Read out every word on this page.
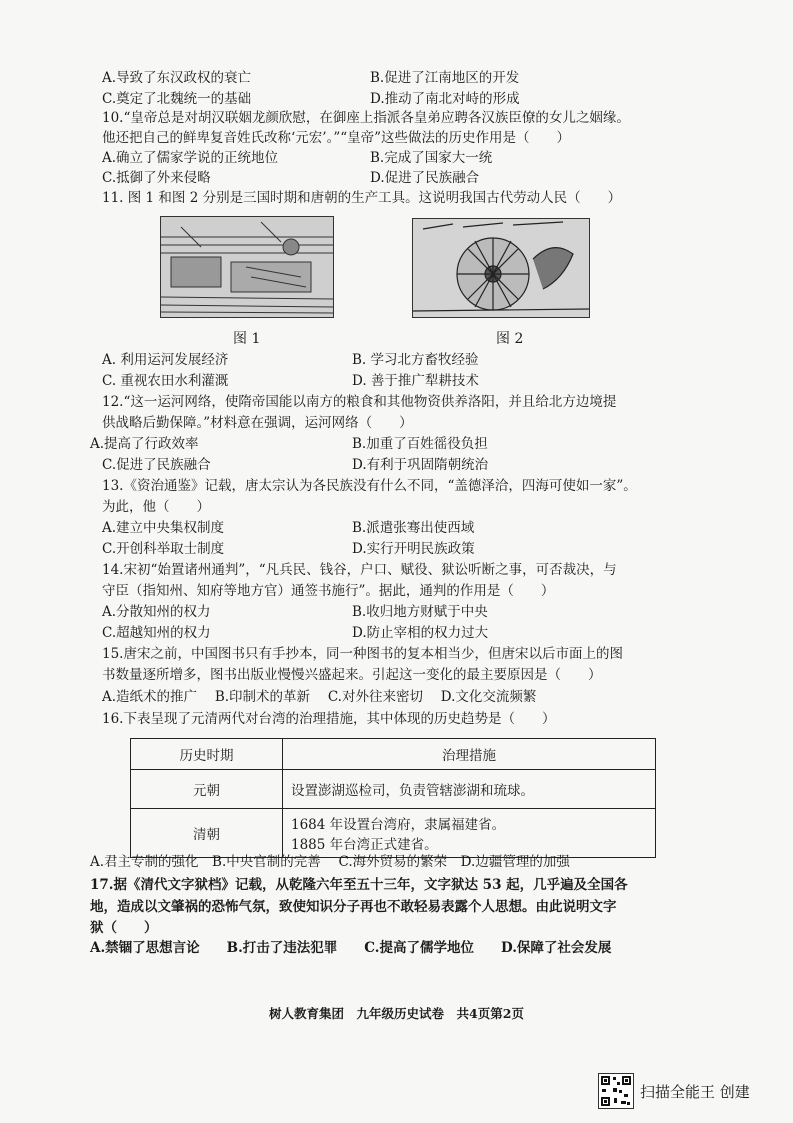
A.导致了东汉政权的衰亡	B.促进了江南地区的开发
C.奠定了北魏统一的基础	D.推动了南北对峙的形成
10.“皇帝总是对胡汉联姻龙颜欣慰，在御座上指派各皇弟应聘各汉族臣僚的女儿之姻缘。
他还把自己的鲜卑复音姓氏改称‘元宏’。”“皇帝”这些做法的历史作用是（　　）
A.确立了儒家学说的正统地位	B.完成了国家大一统
C.抵御了外来侵略	D.促进了民族融合
11. 图 1 和图 2 分别是三国时期和唐朝的生产工具。这说明我国古代劳动人民（　　）
图 1	图 2
A. 利用运河发展经济	B. 学习北方畜牧经验
C. 重视农田水利灌溉	D. 善于推广犁耕技术
12.“这一运河网络，使隋帝国能以南方的粮食和其他物资供养洛阳，并且给北方边境提
供战略后勤保障。”材料意在强调，运河网络（　　）
A.提高了行政效率	B.加重了百姓徭役负担
C.促进了民族融合	D.有利于巩固隋朝统治
13.《资治通鉴》记载，唐太宗认为各民族没有什么不同，“盖德泽洽，四海可使如一家”。
为此，他（　　）
A.建立中央集权制度	B.派遣张骞出使西域
C.开创科举取士制度	D.实行开明民族政策
14.宋初“始置诸州通判”，“凡兵民、钱谷，户口、赋役、狱讼听断之事，可否裁决，与
守臣（指知州、知府等地方官）通签书施行”。据此，通判的作用是（　　）
A.分散知州的权力	B.收归地方财赋于中央
C.超越知州的权力	D.防止宰相的权力过大
15.唐宋之前，中国图书只有手抄本，同一种图书的复本相当少，但唐宋以后市面上的图
书数量逐所增多，图书出版业慢慢兴盛起来。引起这一变化的最主要原因是（　　）
A.造纸术的推广　 B.印制术的革新　 C.对外往来密切　 D.文化交流频繁
16.下表呈现了元清两代对台湾的治理措施，其中体现的历史趋势是（　　）
历史时期	治理措施
元朝	设置澎湖巡检司，负责管辖澎湖和琉球。
清朝	1684 年设置台湾府，隶属福建省。
1885 年台湾正式建省。
A.君主专制的强化　B.中央官制的完善　 C.海外贸易的繁荣　D.边疆管理的加强
17.据《清代文字狱档》记载，从乾隆六年至五十三年，文字狱达 53 起，几乎遍及全国各
地，造成以文肇祸的恐怖气氛，致使知识分子再也不敢轻易表露个人思想。由此说明文字
狱（　　）
A.禁锢了思想言论　　B.打击了违法犯罪　　C.提高了儒学地位　　D.保障了社会发展
树人教育集团　九年级历史试卷　共4页第2页
扫描全能王 创建
